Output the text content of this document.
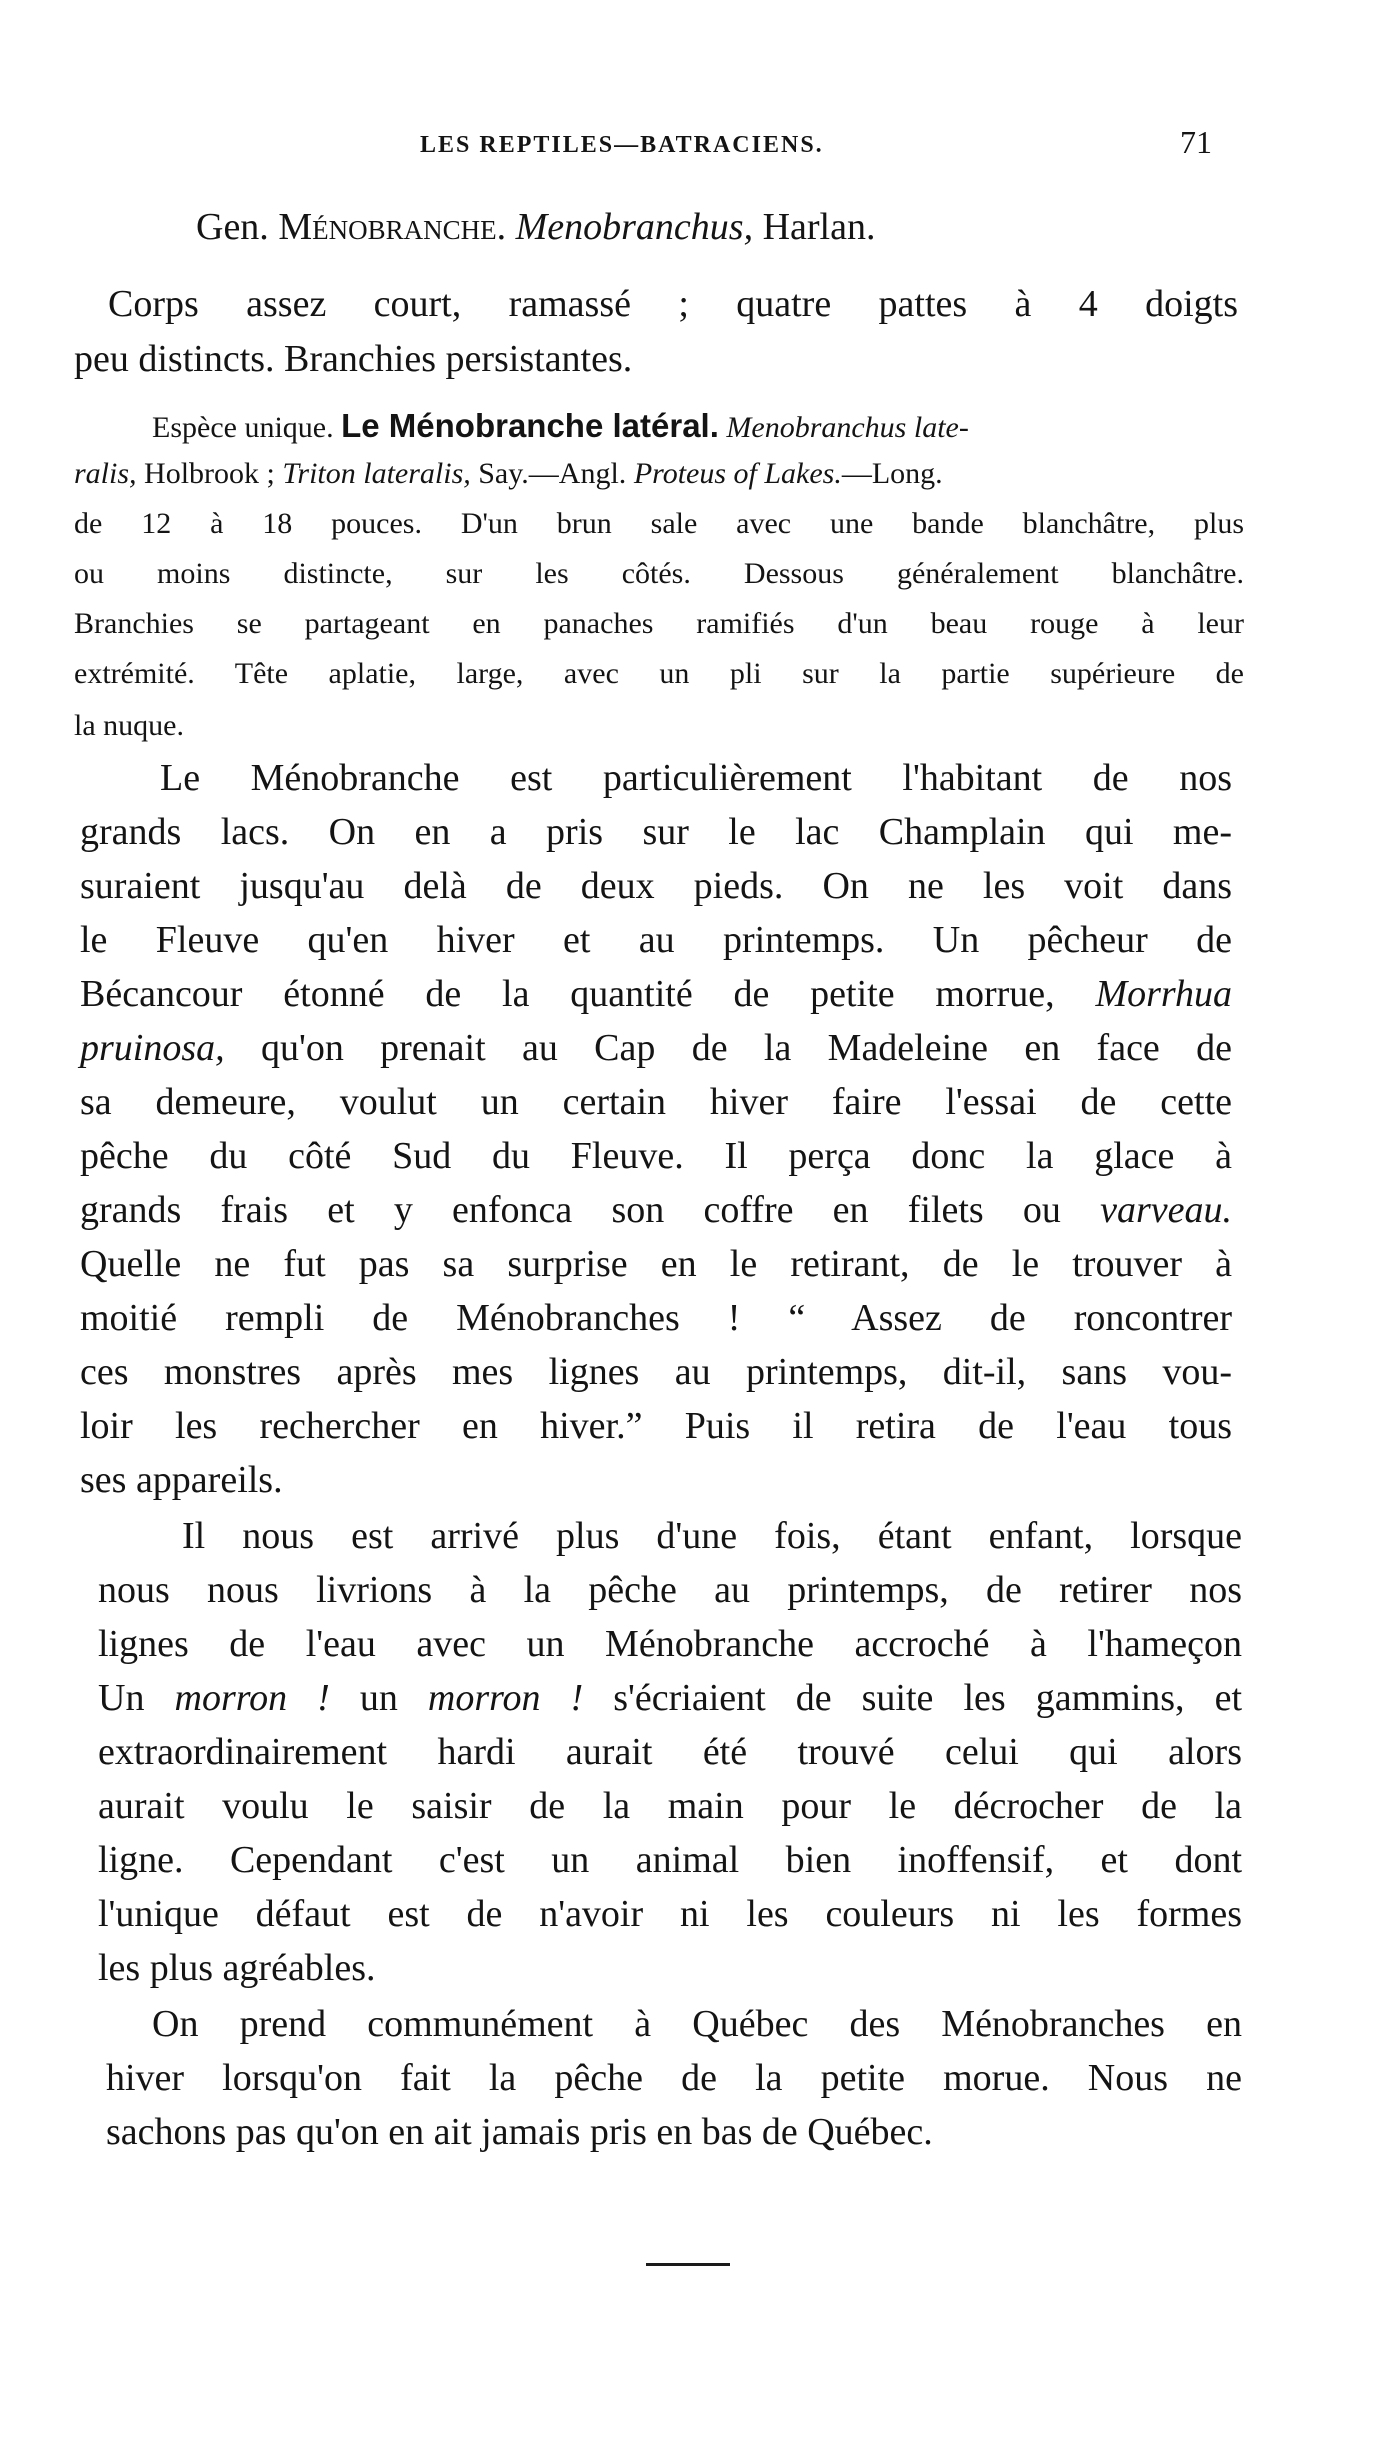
LES REPTILES—BATRACIENS.	71
Gen. Ménobranche. Menobranchus, Harlan.
Corps assez court, ramassé ; quatre pattes à 4 doigts
peu distincts. Branchies persistantes.
Espèce unique. Le Ménobranche latéral. Menobranchus late-
ralis, Holbrook ; Triton lateralis, Say.—Angl. Proteus of Lakes.—Long.
de 12 à 18 pouces. D'un brun sale avec une bande blanchâtre, plus
ou moins distincte, sur les côtés. Dessous généralement blanchâtre.
Branchies se partageant en panaches ramifiés d'un beau rouge à leur
extrémité. Tête aplatie, large, avec un pli sur la partie supérieure de
la nuque.
Le Ménobranche est particulièrement l'habitant de nos
grands lacs. On en a pris sur le lac Champlain qui me-
suraient jusqu'au delà de deux pieds. On ne les voit dans
le Fleuve qu'en hiver et au printemps. Un pêcheur de
Bécancour étonné de la quantité de petite morrue, Morrhua
pruinosa, qu'on prenait au Cap de la Madeleine en face de
sa demeure, voulut un certain hiver faire l'essai de cette
pêche du côté Sud du Fleuve. Il perça donc la glace à
grands frais et y enfonca son coffre en filets ou varveau.
Quelle ne fut pas sa surprise en le retirant, de le trouver à
moitié rempli de Ménobranches ! “ Assez de roncontrer
ces monstres après mes lignes au printemps, dit-il, sans vou-
loir les rechercher en hiver.” Puis il retira de l'eau tous
ses appareils.
Il nous est arrivé plus d'une fois, étant enfant, lorsque
nous nous livrions à la pêche au printemps, de retirer nos
lignes de l'eau avec un Ménobranche accroché à l'hameçon
Un morron ! un morron ! s'écriaient de suite les gammins, et
extraordinairement hardi aurait été trouvé celui qui alors
aurait voulu le saisir de la main pour le décrocher de la
ligne. Cependant c'est un animal bien inoffensif, et dont
l'unique défaut est de n'avoir ni les couleurs ni les formes
les plus agréables.
On prend communément à Québec des Ménobranches en
hiver lorsqu'on fait la pêche de la petite morue. Nous ne
sachons pas qu'on en ait jamais pris en bas de Québec.
